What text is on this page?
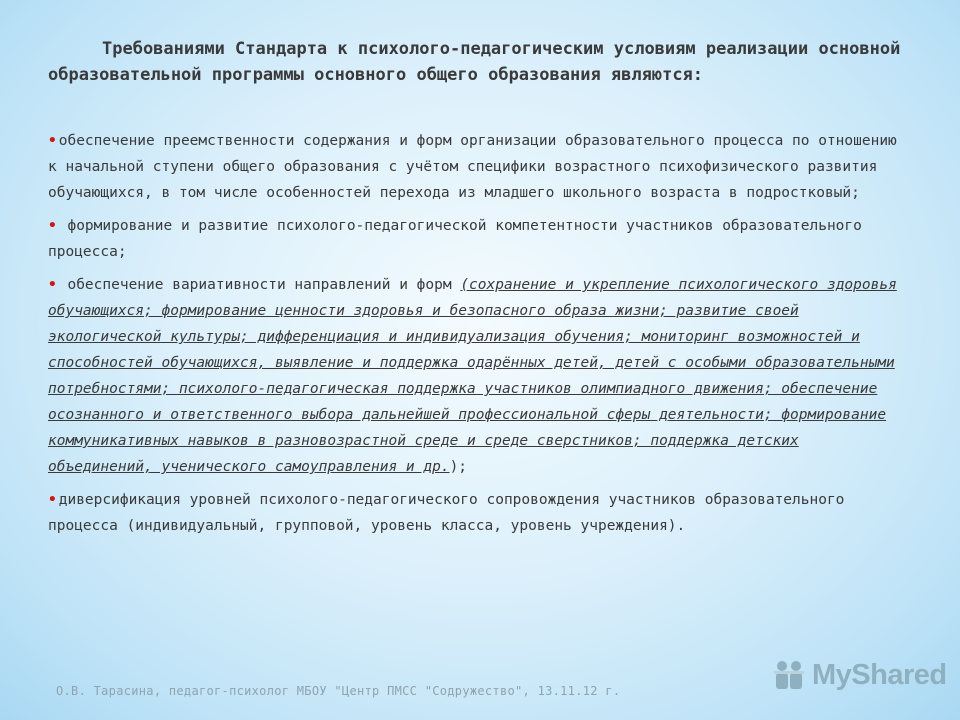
Требованиями Стандарта к психолого-педагогическим условиям реализации основной образовательной программы основного общего образования являются:

• обеспечение преемственности содержания и форм организации образовательного процесса по отношению к начальной ступени общего образования с учётом специфики возрастного психофизического развития обучающихся, в том числе особенностей перехода из младшего школьного возраста в подростковый;
• формирование и развитие психолого-педагогической компетентности участников образовательного процесса;
• обеспечение вариативности направлений и форм (сохранение и укрепление психологического здоровья обучающихся; формирование ценности здоровья и безопасного образа жизни; развитие своей экологической культуры; дифференциация и индивидуализация обучения; мониторинг возможностей и способностей обучающихся, выявление и поддержка одарённых детей, детей с особыми образовательными потребностями; психолого-педагогическая поддержка участников олимпиадного движения; обеспечение осознанного и ответственного выбора дальнейшей профессиональной сферы деятельности; формирование коммуникативных навыков в разновозрастной среде и среде сверстников; поддержка детских объединений, ученического самоуправления и др.);
• диверсификация уровней психолого-педагогического сопровождения участников образовательного процесса (индивидуальный, групповой, уровень класса, уровень учреждения).
О.В. Тарасина, педагог-психолог МБОУ "Центр ПМСС "Содружество", 13.11.12 г.
MyShared
